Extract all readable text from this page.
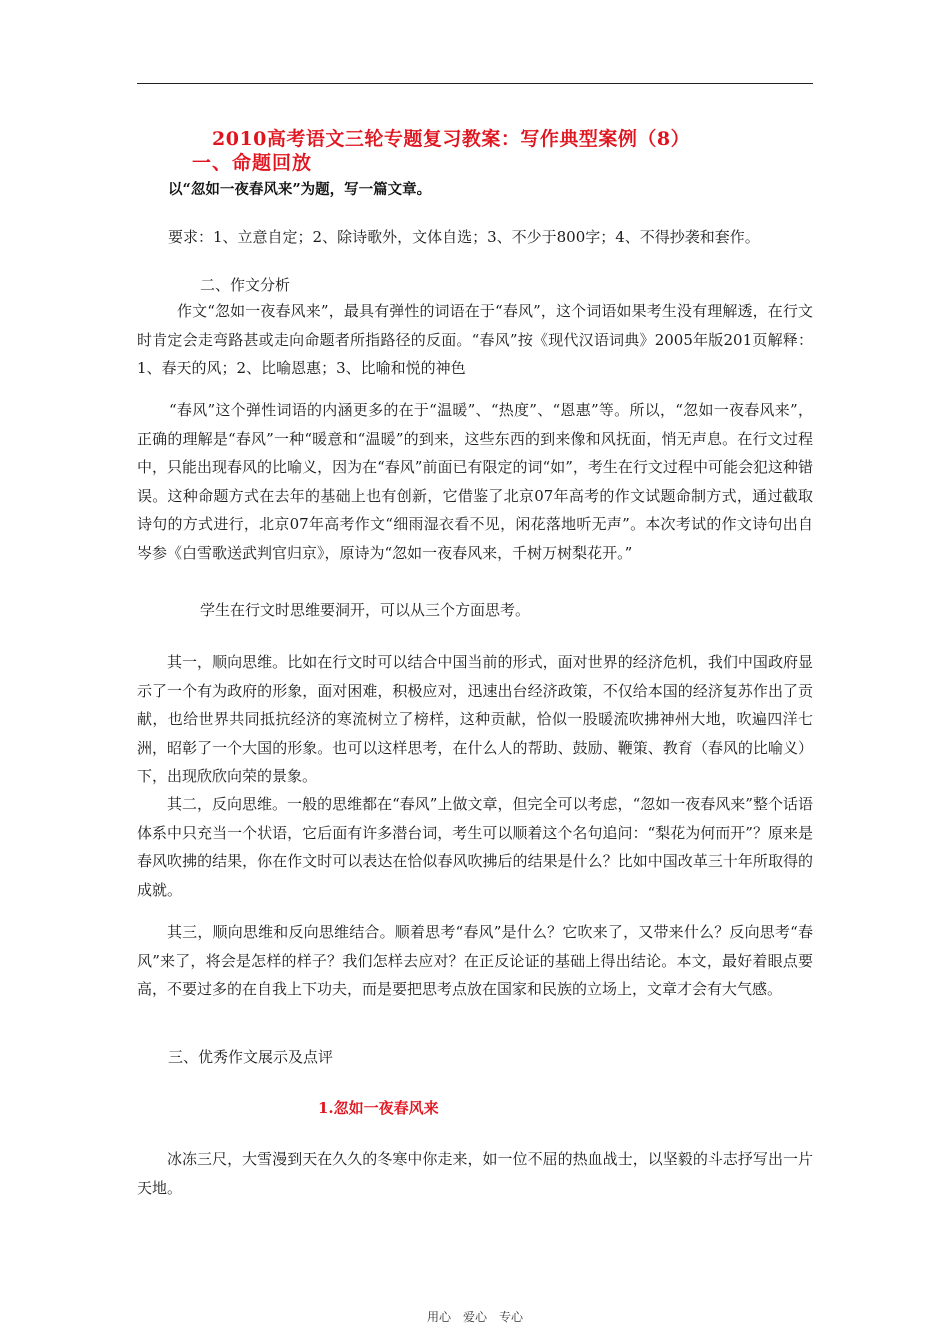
2010高考语文三轮专题复习教案：写作典型案例（8）
一、命题回放
以“忽如一夜春风来”为题，写一篇文章。
要求：1、立意自定；2、除诗歌外，文体自选；3、不少于800字；4、不得抄袭和套作。
二、作文分析
作文“忽如一夜春风来”，最具有弹性的词语在于“春风”，这个词语如果考生没有理解透，在行文时肯定会走弯路甚或走向命题者所指路径的反面。“春风”按《现代汉语词典》2005年版201页解释：1、春天的风；2、比喻恩惠；3、比喻和悦的神色
“春风”这个弹性词语的内涵更多的在于“温暖”、“热度”、“恩惠”等。所以，“忽如一夜春风来”，正确的理解是“春风”一种“暖意和“温暖”的到来，这些东西的到来像和风抚面，悄无声息。在行文过程中，只能出现春风的比喻义，因为在“春风”前面已有限定的词“如”，考生在行文过程中可能会犯这种错误。这种命题方式在去年的基础上也有创新，它借鉴了北京07年高考的作文试题命制方式，通过截取诗句的方式进行，北京07年高考作文“细雨湿衣看不见，闲花落地听无声”。本次考试的作文诗句出自岑参《白雪歌送武判官归京》，原诗为“忽如一夜春风来，千树万树梨花开。”
学生在行文时思维要洞开，可以从三个方面思考。
其一，顺向思维。比如在行文时可以结合中国当前的形式，面对世界的经济危机，我们中国政府显示了一个有为政府的形象，面对困难，积极应对，迅速出台经济政策，不仅给本国的经济复苏作出了贡献，也给世界共同抵抗经济的寒流树立了榜样，这种贡献，恰似一股暖流吹拂神州大地，吹遍四洋七洲，昭彰了一个大国的形象。也可以这样思考，在什么人的帮助、鼓励、鞭策、教育（春风的比喻义）下，出现欣欣向荣的景象。
其二，反向思维。一般的思维都在“春风”上做文章，但完全可以考虑，“忽如一夜春风来”整个话语体系中只充当一个状语，它后面有许多潜台词，考生可以顺着这个名句追问：“梨花为何而开”？原来是春风吹拂的结果，你在作文时可以表达在恰似春风吹拂后的结果是什么？比如中国改革三十年所取得的成就。
其三，顺向思维和反向思维结合。顺着思考“春风”是什么？它吹来了，又带来什么？反向思考“春风”来了，将会是怎样的样子？我们怎样去应对？在正反论证的基础上得出结论。本文，最好着眼点要高，不要过多的在自我上下功夫，而是要把思考点放在国家和民族的立场上，文章才会有大气感。
三、优秀作文展示及点评
1.忽如一夜春风来
冰冻三尺，大雪漫到天在久久的冬寒中你走来，如一位不屈的热血战士，以坚毅的斗志抒写出一片天地。
用心　爱心　专心
